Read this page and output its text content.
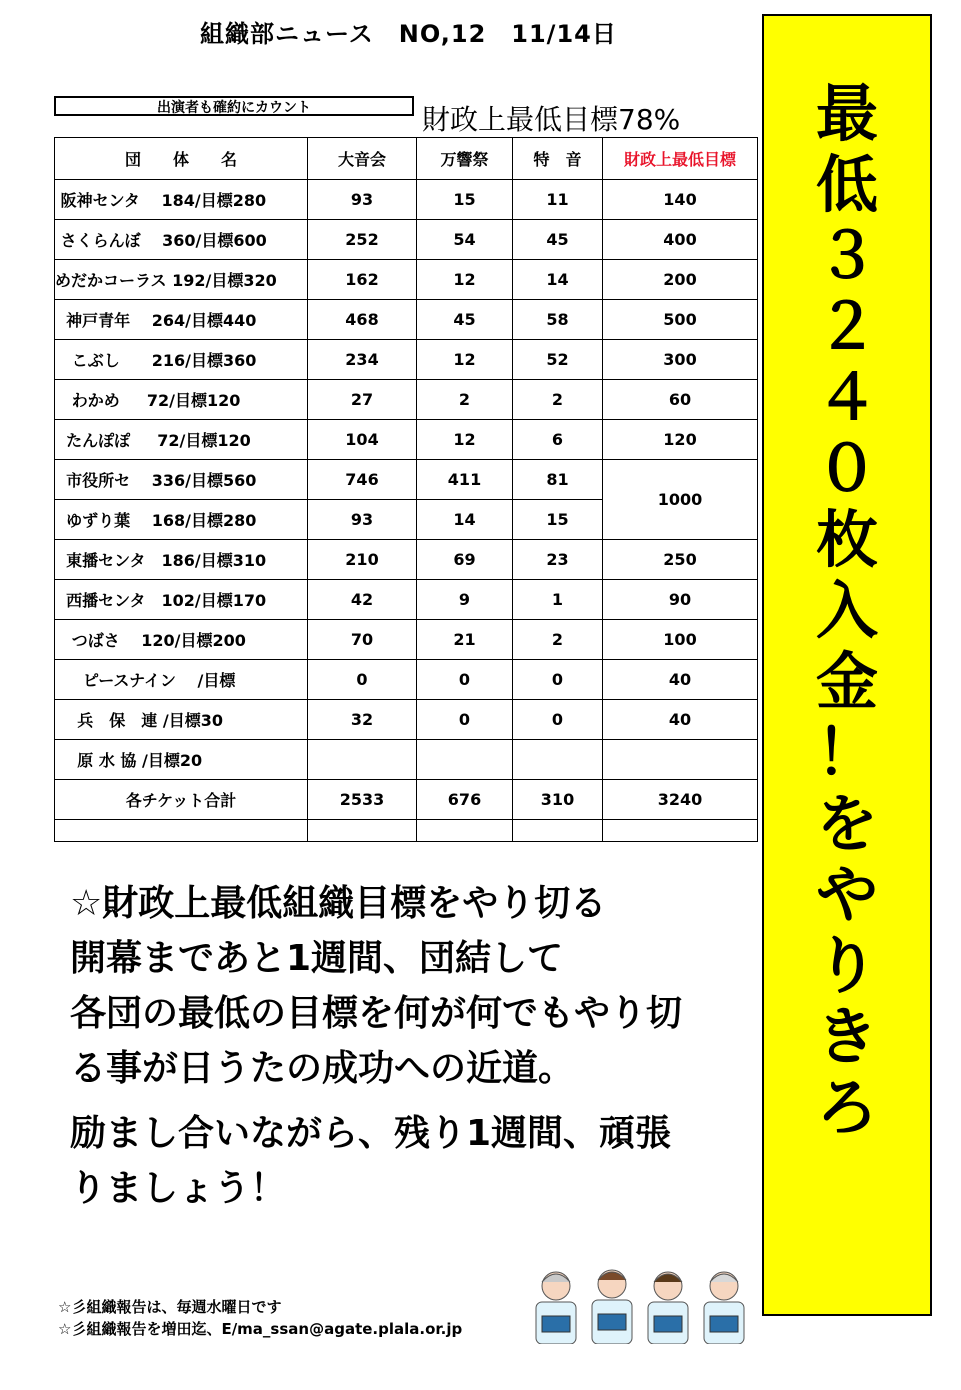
組織部ニュース　NO,12　11/14日
出演者も確約にカウント	財政上最低目標78%
団　　体　　名	大音会	万響祭	特　音	財政上最低目標
阪神センタ　 184/目標280	93	15	11	140
さくらんぼ　 360/目標600	252	54	45	400
めだかコーラス 192/目標320	162	12	14	200
神戸青年　 264/目標440	468	45	58	500
こぶし　　216/目標360	234	12	52	300
わかめ　  72/目標120	27	2	2	60
たんぽぽ　  72/目標120	104	12	6	120
市役所セ　 336/目標560	746	411	81	1000
ゆずり葉　 168/目標280	93	14	15	
東播センタ　186/目標310	210	69	23	250
西播センタ　102/目標170	42	9	1	90
つばさ　 120/目標200	70	21	2	100
ピースナイン　 /目標	0	0	0	40
兵　保　連 /目標30	32	0	0	40
原 水 協 /目標20				
各チケット合計	2533	676	310	3240

☆財政上最低組織目標をやり切る

開幕まであと1週間、団結して

各団の最低の目標を何が何でもやり切

る事が日うたの成功への近道。

励まし合いながら、残り1週間、頑張

りましょう！

☆彡組織報告は、毎週水曜日です
☆彡組織報告を増田迄、E/ma_ssan@agate.plala.or.jp
最
低
３
２
４
０
枚
入
金
！
を
や
り
き
ろ
